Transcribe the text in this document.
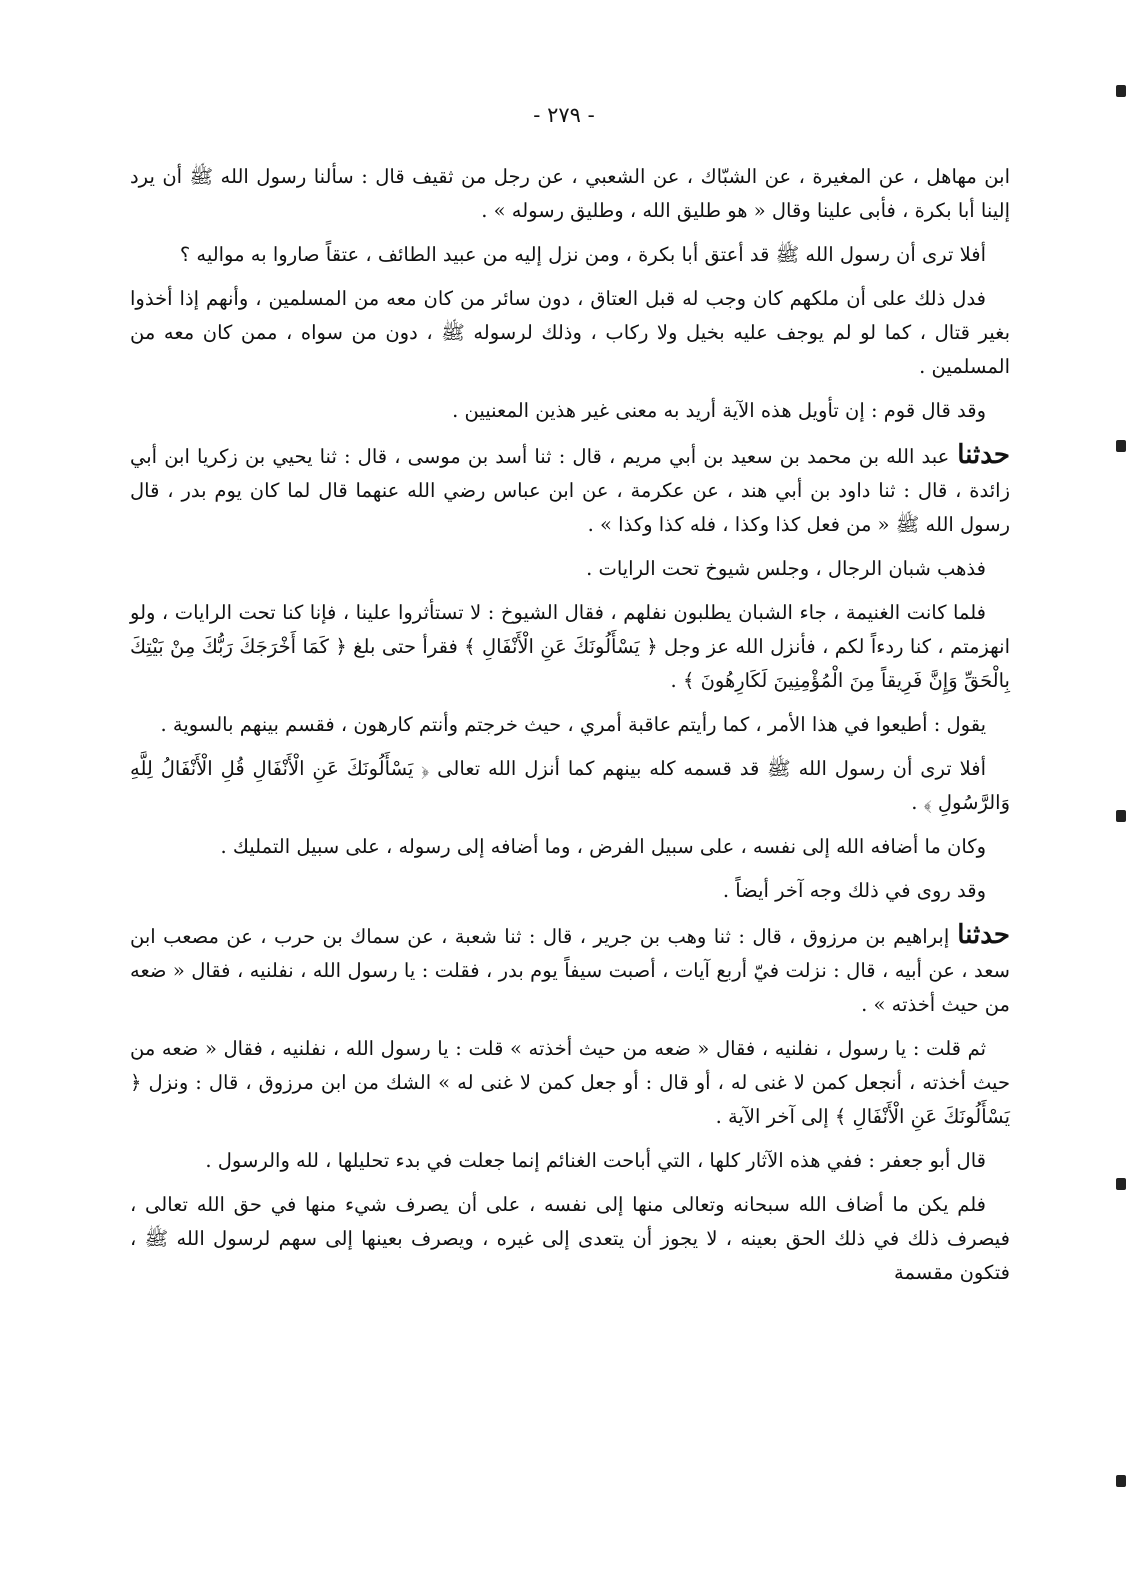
- ٢٧٩ -

ابن مهاهل ، عن المغيرة ، عن الشبّاك ، عن الشعبي ، عن رجل من ثقيف قال : سألنا رسول الله ﷺ أن يرد إلينا أبا بكرة ، فأبى علينا وقال « هو طليق الله ، وطليق رسوله » .

أفلا ترى أن رسول الله ﷺ قد أعتق أبا بكرة ، ومن نزل إليه من عبيد الطائف ، عتقاً صاروا به مواليه ؟

فدل ذلك على أن ملكهم كان وجب له قبل العتاق ، دون سائر من كان معه من المسلمين ، وأنهم إذا أخذوا بغير قتال ، كما لو لم يوجف عليه بخيل ولا ركاب ، وذلك لرسوله ﷺ ، دون من سواه ، ممن كان معه من المسلمين .

وقد قال قوم : إن تأويل هذه الآية أريد به معنى غير هذين المعنيين .

حدثناعبد الله بن محمد بن سعيد بن أبي مريم ، قال : ثنا أسد بن موسى ، قال : ثنا يحيي بن زكريا ابن أبي زائدة ، قال : ثنا داود بن أبي هند ، عن عكرمة ، عن ابن عباس رضي الله عنهما قال لما كان يوم بدر ، قال رسول الله ﷺ « من فعل كذا وكذا ، فله كذا وكذا » .

فذهب شبان الرجال ، وجلس شيوخ تحت الرايات .

فلما كانت الغنيمة ، جاء الشبان يطلبون نفلهم ، فقال الشيوخ : لا تستأثروا علينا ، فإنا كنا تحت الرايات ، ولو انهزمتم ، كنا ردءاً لكم ، فأنزل الله عز وجل ﴿ يَسْأَلُونَكَ عَنِ الْأَنْفَالِ ﴾ فقرأ حتى بلغ ﴿ كَمَا أَخْرَجَكَ رَبُّكَ مِنْ بَيْتِكَ بِالْحَقِّ وَإِنَّ فَرِيقاً مِنَ الْمُؤْمِنِينَ لَكَارِهُونَ ﴾ .

يقول : أطيعوا في هذا الأمر ، كما رأيتم عاقبة أمري ، حيث خرجتم وأنتم كارهون ، فقسم بينهم بالسوية .

أفلا ترى أن رسول الله ﷺ قد قسمه كله بينهم كما أنزل الله تعالى ﴿ يَسْأَلُونَكَ عَنِ الْأَنْفَالِ قُلِ الْأَنْفَالُ لِلَّهِ وَالرَّسُولِ ﴾ .

وكان ما أضافه الله إلى نفسه ، على سبيل الفرض ، وما أضافه إلى رسوله ، على سبيل التمليك .

وقد روى في ذلك وجه آخر أيضاً .

حدثناإبراهيم بن مرزوق ، قال : ثنا وهب بن جرير ، قال : ثنا شعبة ، عن سماك بن حرب ، عن مصعب ابن سعد ، عن أبيه ، قال : نزلت فيّ أربع آيات ، أصبت سيفاً يوم بدر ، فقلت : يا رسول الله ، نفلنيه ، فقال « ضعه من حيث أخذته » .

ثم قلت : يا رسول ، نفلنيه ، فقال « ضعه من حيث أخذته » قلت : يا رسول الله ، نفلنيه ، فقال « ضعه من حيث أخذته ، أنجعل كمن لا غنى له ، أو قال : أو جعل كمن لا غنى له » الشك من ابن مرزوق ، قال : ونزل ﴿ يَسْأَلُونَكَ عَنِ الْأَنْفَالِ ﴾ إلى آخر الآية .

قال أبو جعفر : ففي هذه الآثار كلها ، التي أباحت الغنائم إنما جعلت في بدء تحليلها ، لله والرسول .

فلم يكن ما أضاف الله سبحانه وتعالى منها إلى نفسه ، على أن يصرف شيء منها في حق الله تعالى ، فيصرف ذلك في ذلك الحق بعينه ، لا يجوز أن يتعدى إلى غيره ، ويصرف بعينها إلى سهم لرسول الله ﷺ ، فتكون مقسمة
